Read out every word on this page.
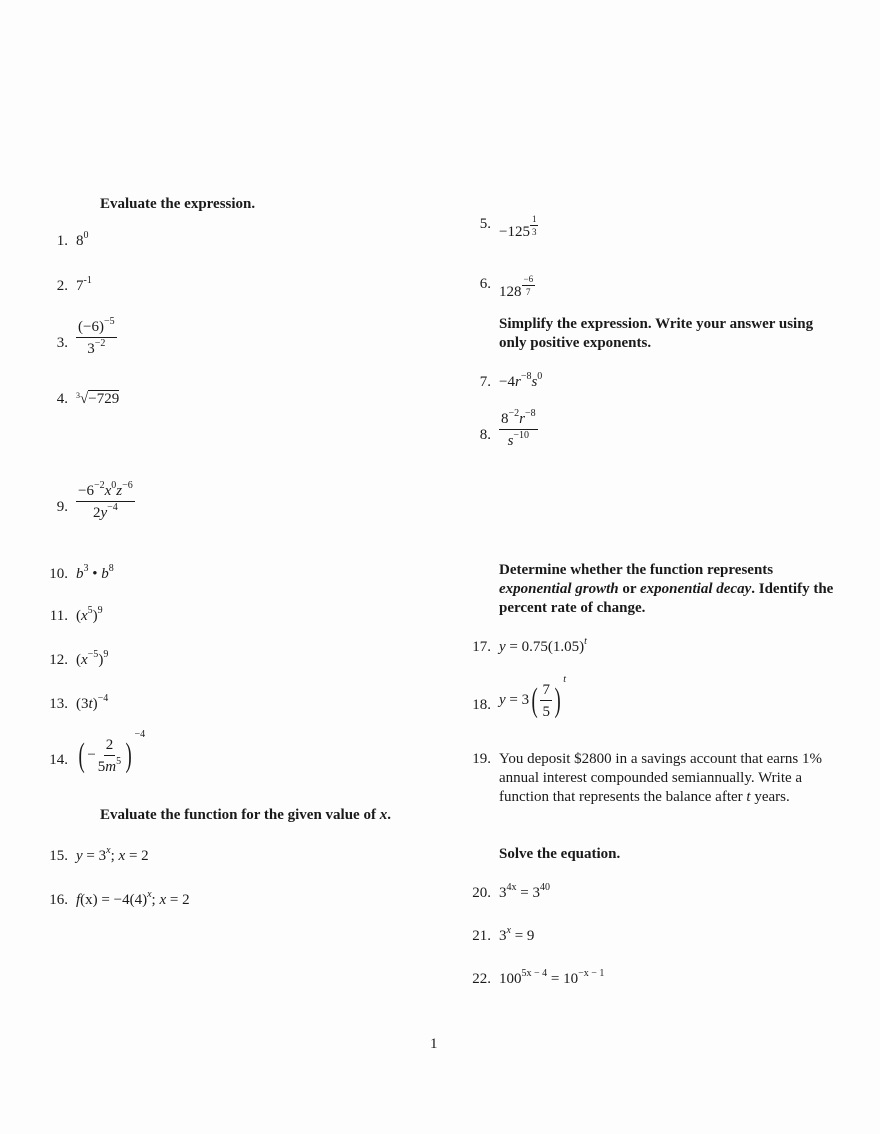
Evaluate the expression.
1. $8^0$
2. $7^{-1}$
3. $\frac{(-6)^{-5}}{3^{-2}}$
4. $^3$√−729
9. $\frac{-6^{-2}x^0z^{-6}}{2y^{-4}}$
10. $b^3$ • $b^8$
11. $(x^5)^9$
12. $(x^{-5})^9$
13. $(3t)^{-4}$
14. ( − $\frac{2}{5m^5} )^{-4}$
Evaluate the function for the given value of x.
15. $y = 3^x$; x = 2
16. $f(x) = -4(4)^x$; x = 2
5. $-125 \frac{1}{3}$
6. $128 \frac{-6}{7}$
Simplify the expression. Write your answer using only positive exponents.
7. $-4r^{-8}s^0$
8. $\frac{8^{-2}r^{-8}}{s^{-10}}$
Determine whether the function represents exponential growth or exponential decay. Identify the percent rate of change.
17. $y = 0.75(1.05)^t$
18. $y = 3( \frac{7}{5} )^t$
19. You deposit $2800 in a savings account that earns 1% annual interest compounded semiannually. Write a function that represents the balance after t years.
Solve the equation.
20. $3^{4x} = 3^{40}$
21. $3^x = 9$
22. $100^{5x - 4} = 10^{-x - 1}$
1
